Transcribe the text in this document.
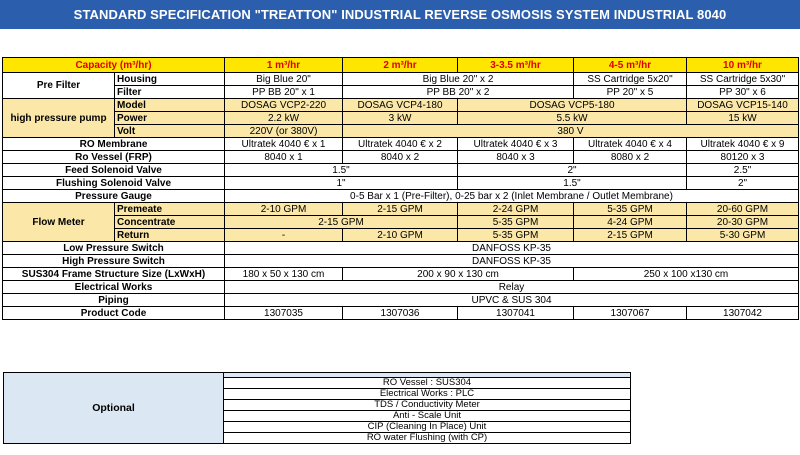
STANDARD SPECIFICATION "TREATTON" INDUSTRIAL REVERSE OSMOSIS SYSTEM INDUSTRIAL 8040
Capacity (m³/hr)		1 m³/hr	2 m³/hr	3-3.5 m³/hr	4-5 m³/hr	10 m³/hr
Pre Filter	Housing	Big Blue 20"	Big Blue 20" x 2		SS Cartridge 5x20"	SS Cartridge 5x30"
	Filter	PP BB 20" x 1	PP BB 20" x 2		PP 20" x 5	PP 30" x 6
high pressure pump	Model	DOSAG VCP2-220	DOSAG VCP4-180	DOSAG VCP5-180		DOSAG VCP15-140
	Power	2.2 kW	3 kW	5.5 kW		15 kW
	Volt	220V (or 380V)	380 V			
RO Membrane		Ultratek 4040 € x 1	Ultratek 4040 € x 2	Ultratek 4040 € x 3	Ultratek 4040 € x 4	Ultratek 4040 € x 9
Ro Vessel (FRP)		8040 x 1	8040 x 2	8040 x 3	8080 x 2	80120 x 3
Feed Solenoid Valve		1.5"		2"		2.5"
Flushing Solenoid Valve		1"		1.5"		2"
Pressure Gauge		0-5 Bar x 1 (Pre-Filter), 0-25 bar x 2 (Inlet Membrane / Outlet Membrane)				
Flow Meter	Premeate	2-10 GPM	2-15 GPM	2-24 GPM	5-35 GPM	20-60 GPM
	Concentrate	2-15 GPM		5-35 GPM	4-24 GPM	20-30 GPM
	Return	-	2-10 GPM	5-35 GPM	2-15 GPM	5-30 GPM
Low Pressure Switch		DANFOSS KP-35				
High Pressure Switch		DANFOSS KP-35				
SUS304 Frame Structure Size (LxWxH)		180 x 50 x 130 cm	200 x 90 x 130 cm		250 x 100 x130 cm	
Electrical Works		Relay				
Piping		UPVC & SUS 304				
Product Code		1307035	1307036	1307041	1307067	1307042
Optional	
RO Vessel : SUS304
Electrical Works : PLC
TDS / Conductivity Meter
Anti - Scale Unit
CIP (Cleaning In Place) Unit
RO water Flushing (with CP)
